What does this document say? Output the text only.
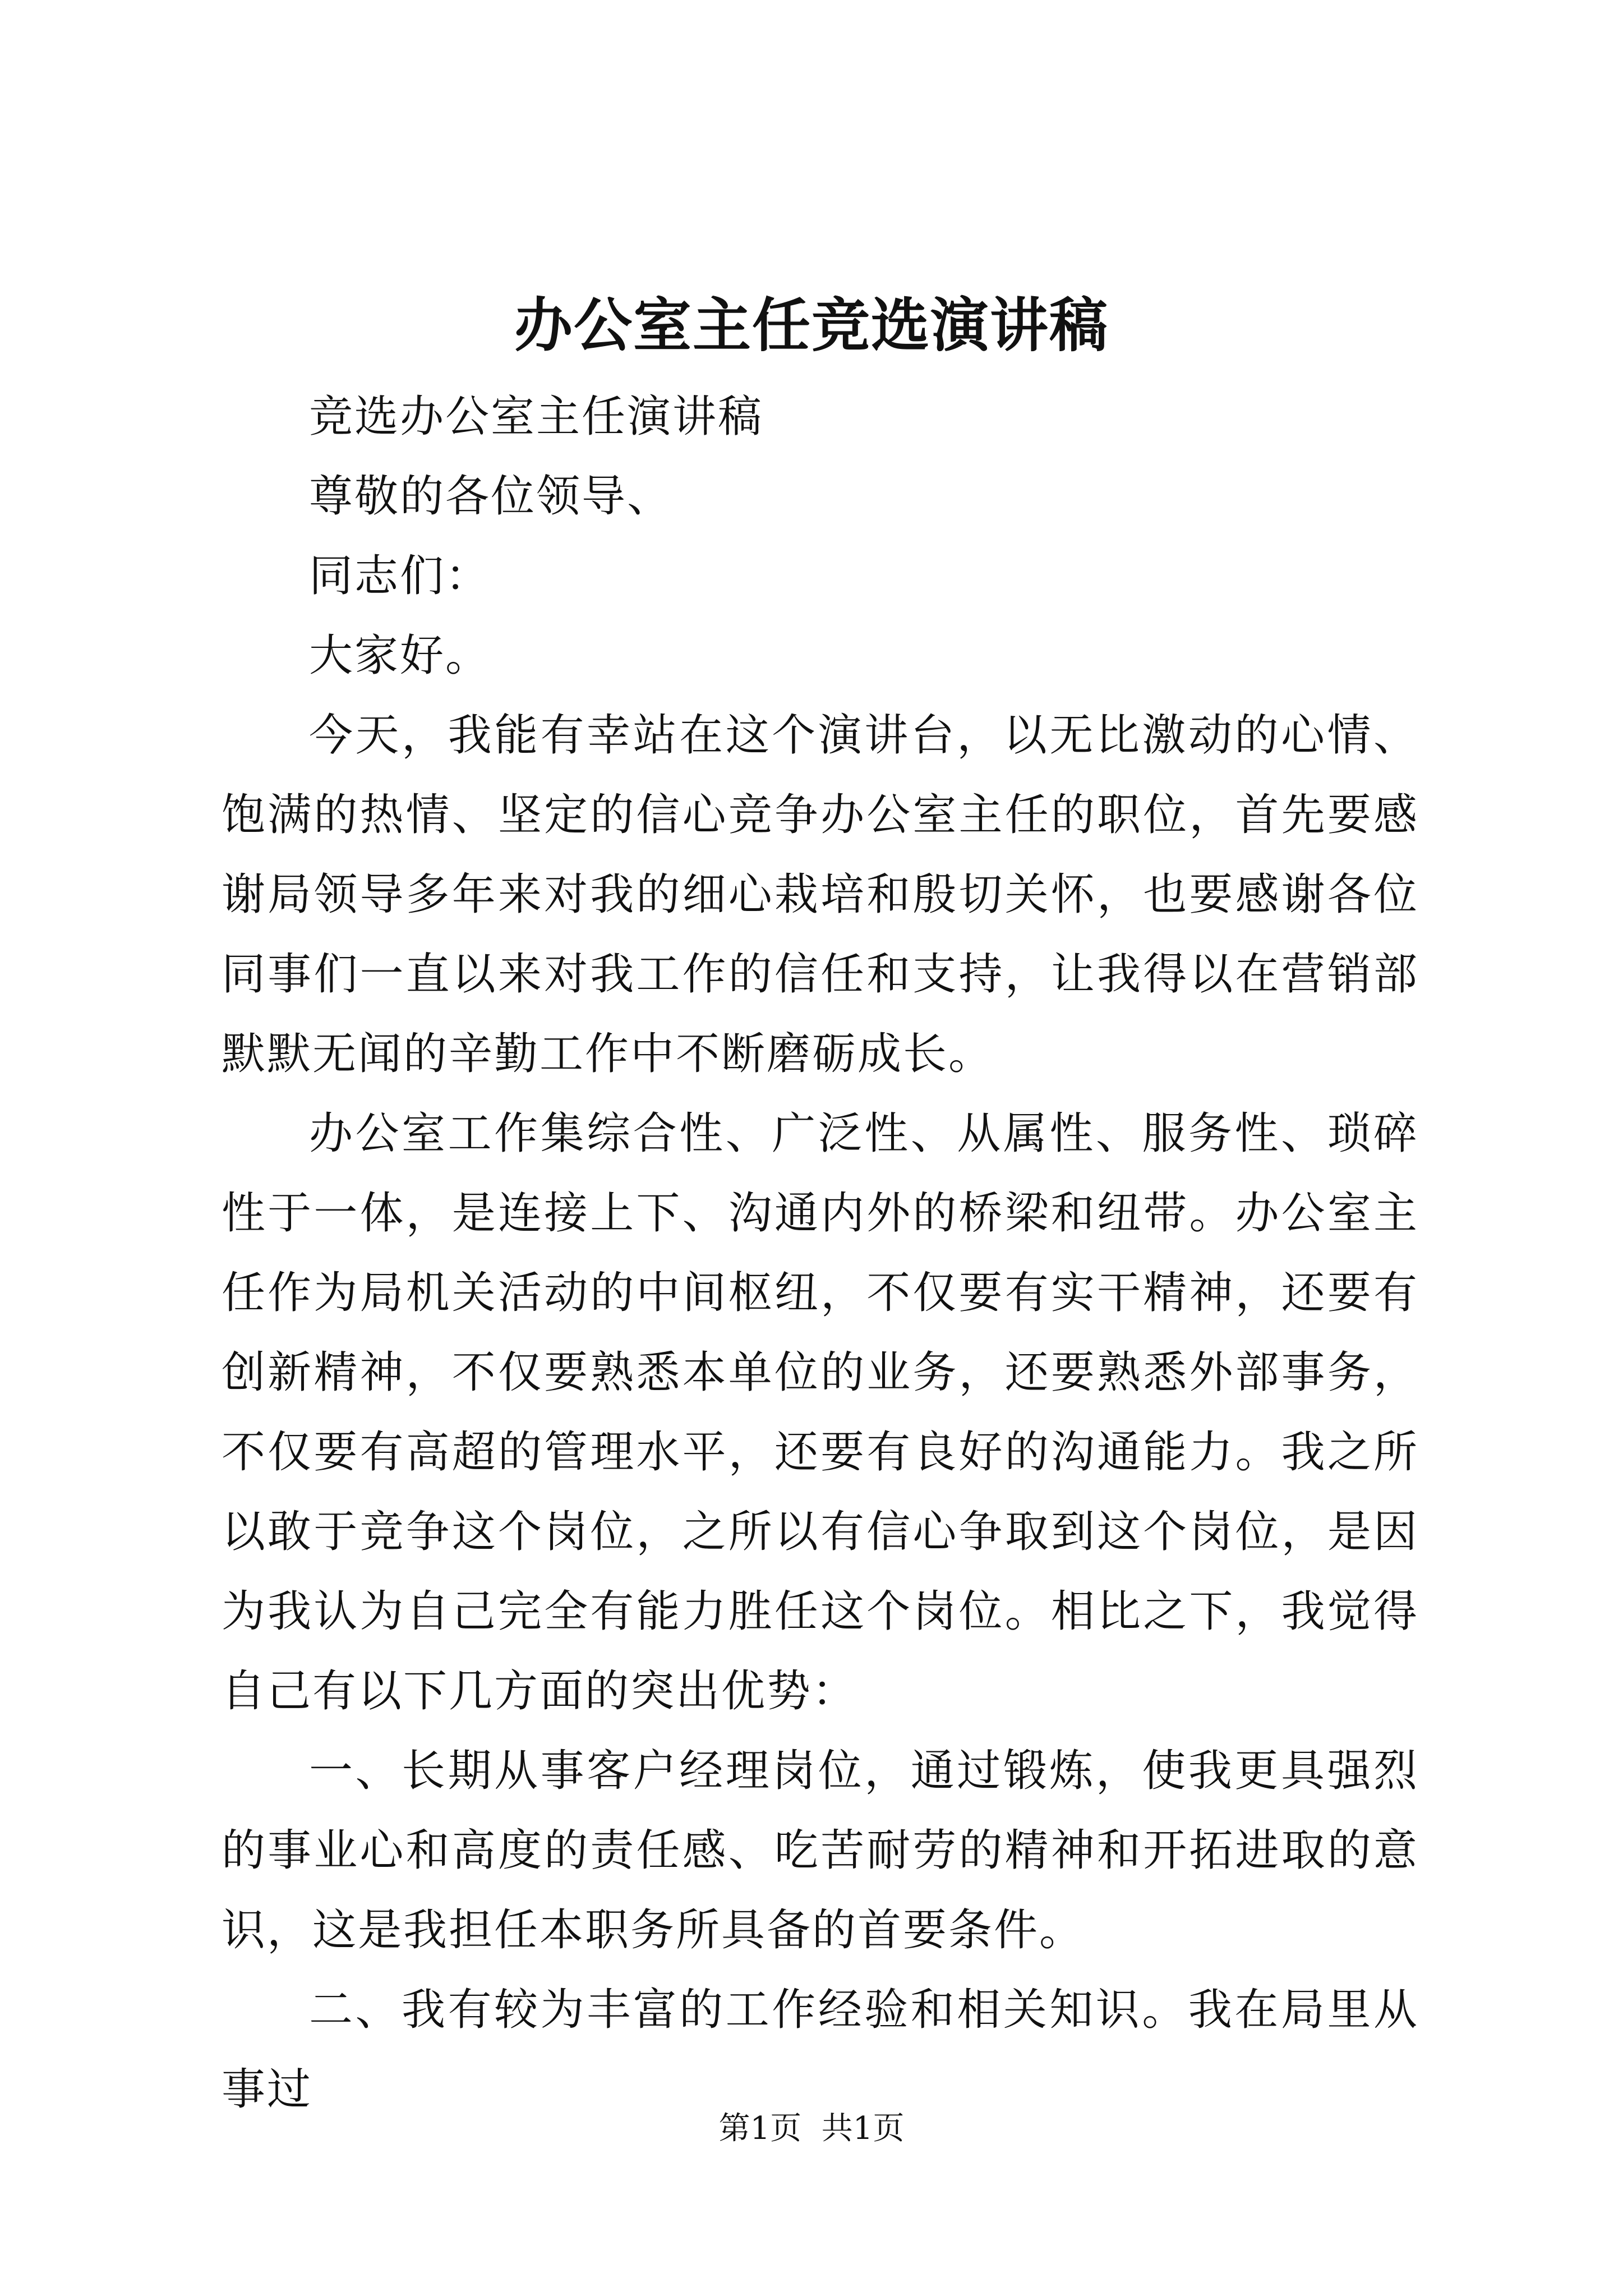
办公室主任竞选演讲稿

竞选办公室主任演讲稿

尊敬的各位领导、

同志们：

大家好。

今天，我能有幸站在这个演讲台，以无比激动的心情、饱满的热情、坚定的信心竞争办公室主任的职位，首先要感谢局领导多年来对我的细心栽培和殷切关怀，也要感谢各位同事们一直以来对我工作的信任和支持，让我得以在营销部默默无闻的辛勤工作中不断磨砺成长。

办公室工作集综合性、广泛性、从属性、服务性、琐碎性于一体，是连接上下、沟通内外的桥梁和纽带。办公室主任作为局机关活动的中间枢纽，不仅要有实干精神，还要有创新精神，不仅要熟悉本单位的业务，还要熟悉外部事务，不仅要有高超的管理水平，还要有良好的沟通能力。我之所以敢于竞争这个岗位，之所以有信心争取到这个岗位，是因为我认为自己完全有能力胜任这个岗位。相比之下，我觉得自己有以下几方面的突出优势：

一、长期从事客户经理岗位，通过锻炼，使我更具强烈的事业心和高度的责任感、吃苦耐劳的精神和开拓进取的意识，这是我担任本职务所具备的首要条件。

二、我有较为丰富的工作经验和相关知识。我在局里从事过

第1页  共1页
